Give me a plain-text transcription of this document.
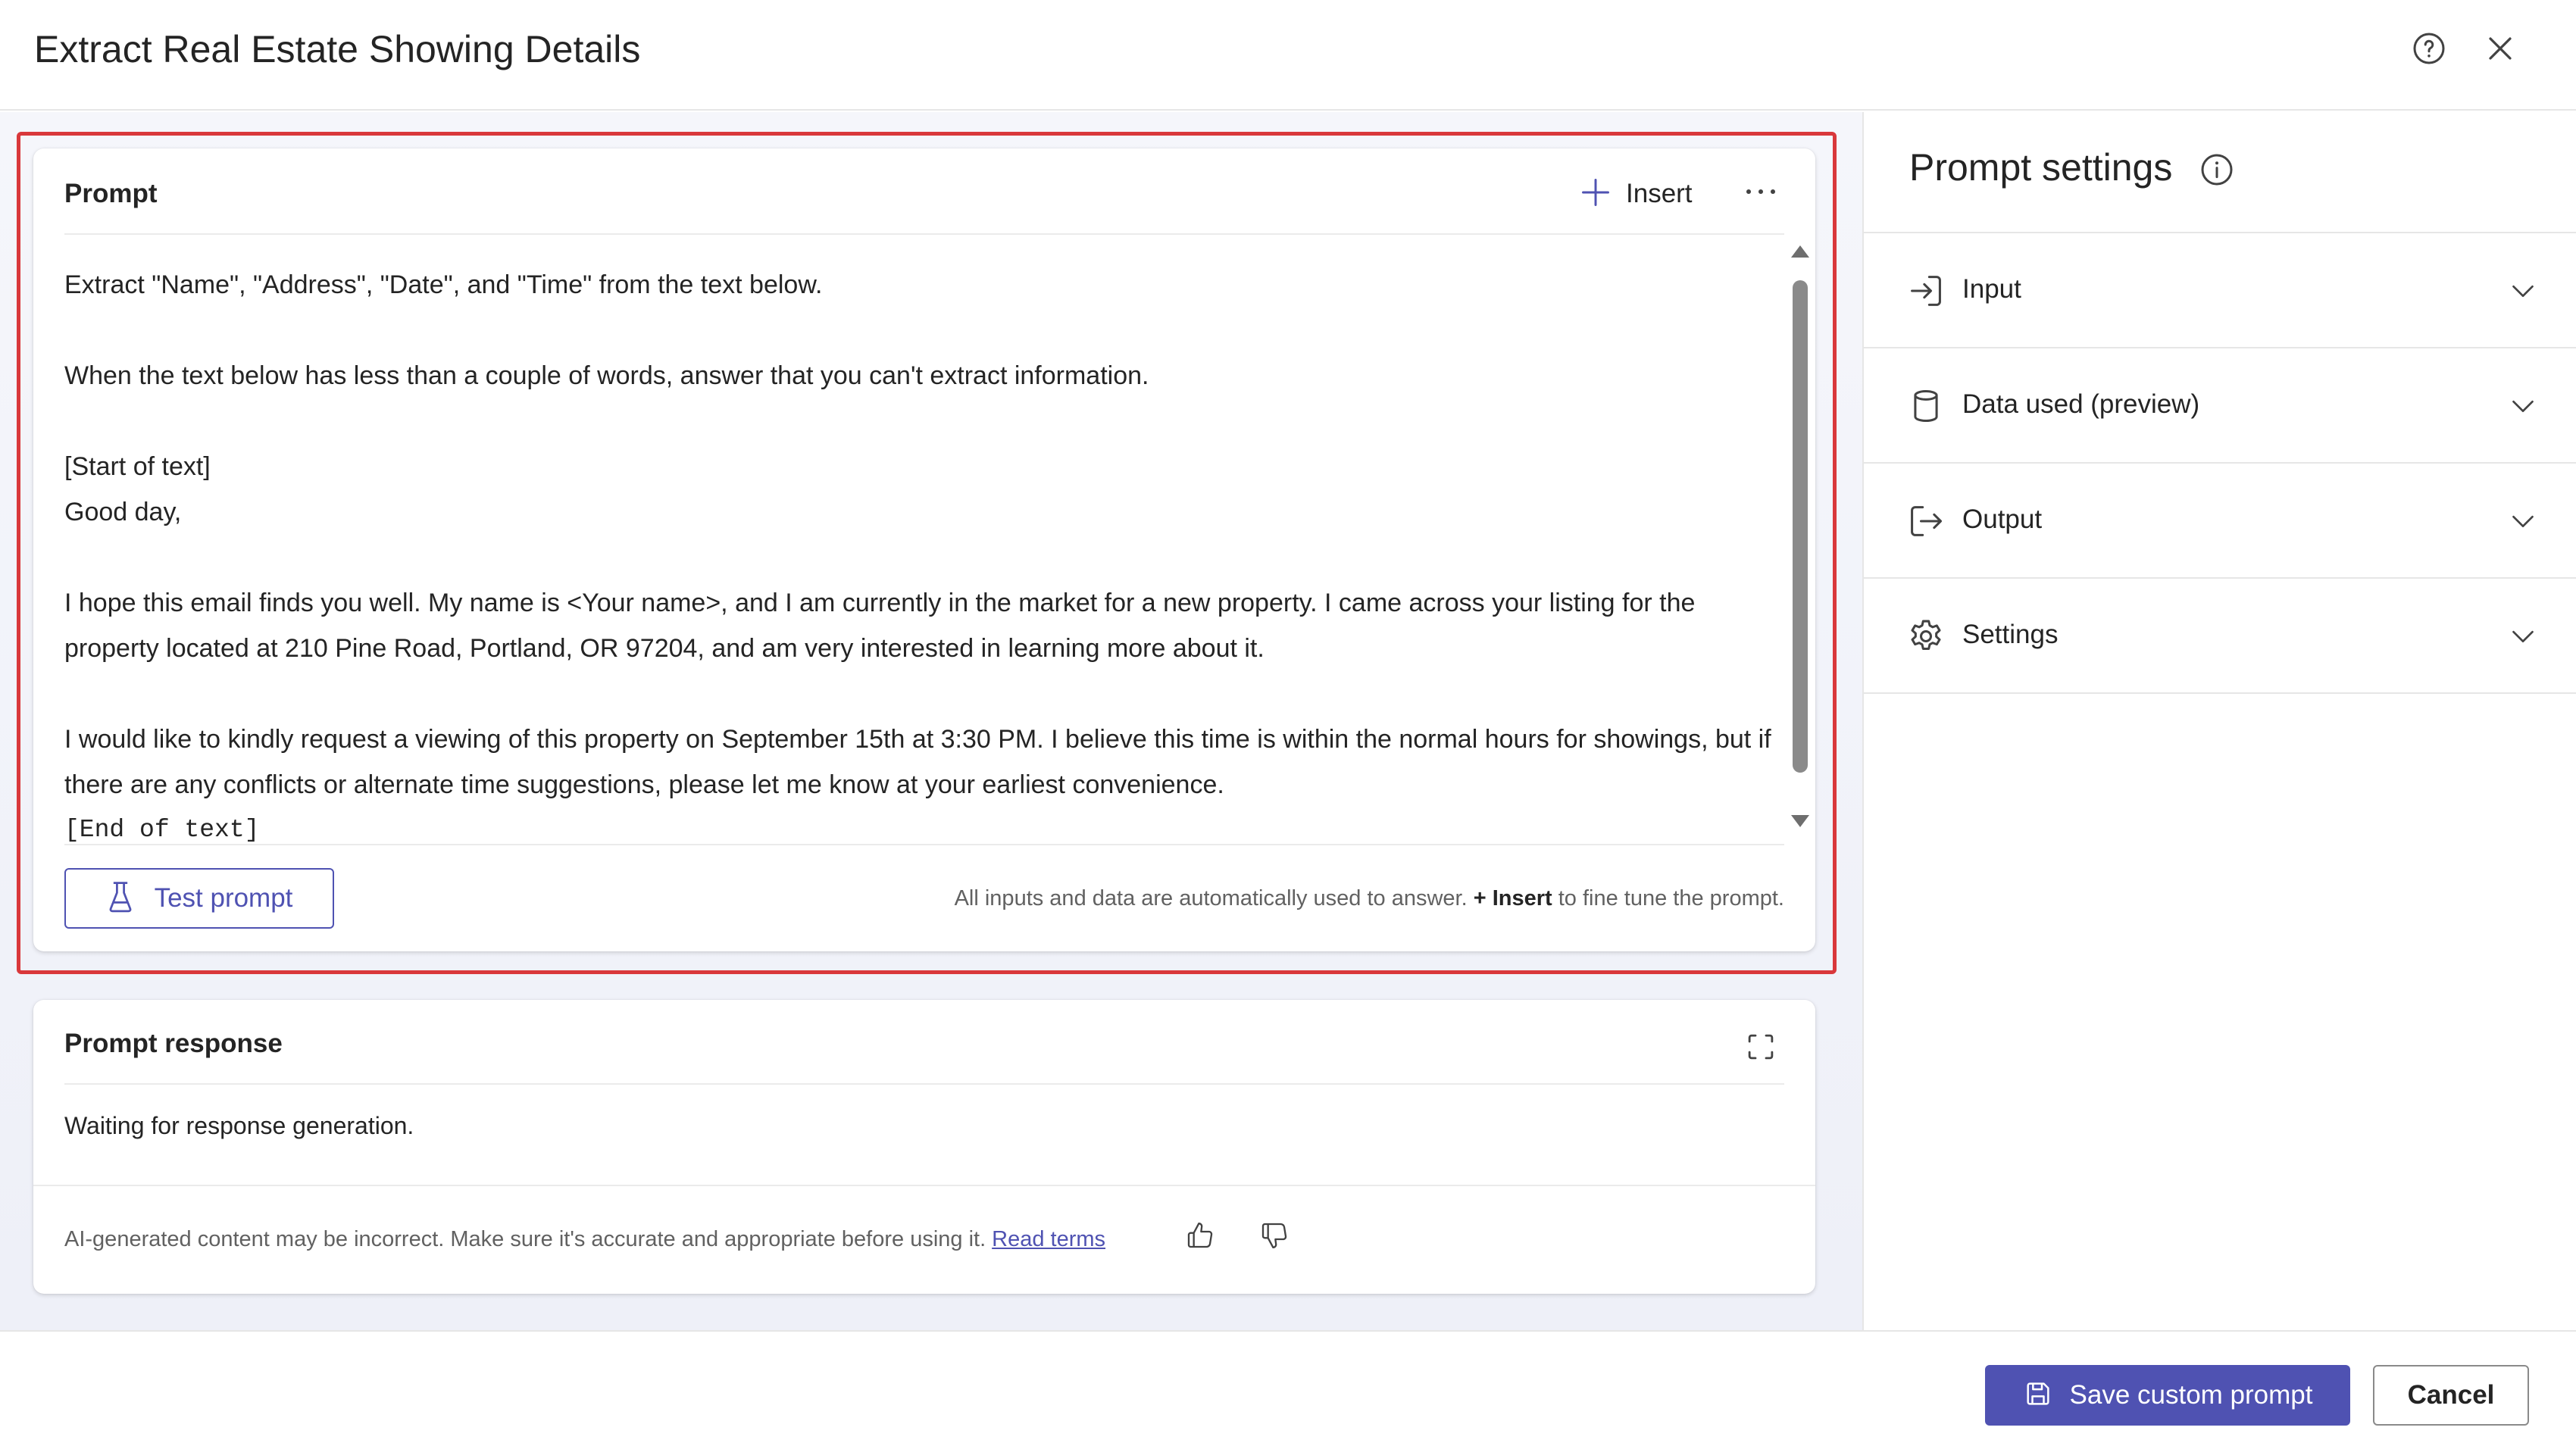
Extract Real Estate Showing Details
Prompt	Insert

Extract "Name", "Address", "Date", and "Time" from the text below.

When the text below has less than a couple of words, answer that you can't extract information.

[Start of text]

Good day,

I hope this email finds you well. My name is <Your name>, and I am currently in the market for a new property. I came across your listing for the property located at 210 Pine Road, Portland, OR 97204, and am very interested in learning more about it.

I would like to kindly request a viewing of this property on September 15th at 3:30 PM. I believe this time is within the normal hours for showings, but if there are any conflicts or alternate time suggestions, please let me know at your earliest convenience.

[End of text]

Test prompt	All inputs and data are automatically used to answer. + Insert to fine tune the prompt.
Prompt response
Waiting for response generation.
AI-generated content may be incorrect. Make sure it's accurate and appropriate before using it. Read terms
Prompt settings
Input
Data used (preview)
Output
Settings
Save custom prompt	Cancel
